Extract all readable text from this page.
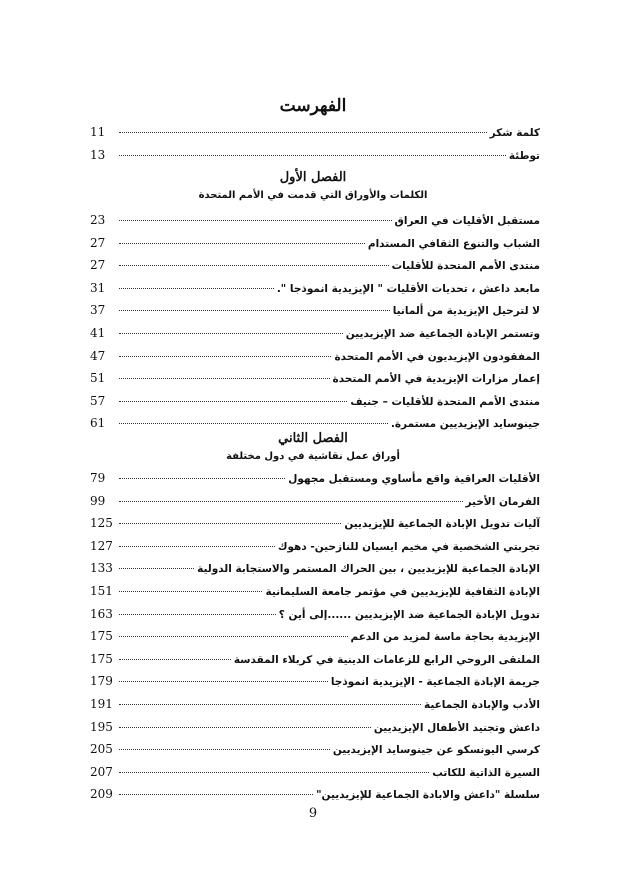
الفهرست
كلمة شكر
11
توطئة
13
الفصل الأول
الكلمات والأوراق التي قدمت في الأمم المتحدة
مستقبل الأقليات في العراق
23
الشباب والتنوع الثقافي المستدام
27
منتدى الأمم المتحدة للأقليات
27
مابعد داعش ، تحديات الأقليات " الإيزيدية انموذجا ".
31
لا لترحيل الإيزيدية من ألمانيا
37
وتستمر الإبادة الجماعية ضد الإيزيديين
41
المفقودون الإيزيديون في الأمم المتحدة
47
إعمار مزارات الإيزيدية في الأمم المتحدة
51
منتدى الأمم المتحدة للأقليات – جنيف
57
جينوسايد الإيزيديين مستمرة.
61
الفصل الثاني
أوراق عمل نقاشية في دول مختلفة
الأقليات العراقية واقع مأساوي ومستقبل مجهول
79
الفرمان الأخير
99
آليات تدويل الإبادة الجماعية للإيزيديين
125
تجربتي الشخصية في مخيم ايسيان للنازحين- دهوك
127
الإبادة الجماعية للإيزيديين ، بين الحراك المستمر والاستجابة الدولية
133
الإبادة الثقافية للإيزيديين في مؤتمر جامعة السليمانية
151
تدويل الإبادة الجماعية ضد الإيزيديين ......إلى أين ؟
163
الإيزيدية بحاجة ماسة لمزيد من الدعم
175
الملتقى الروحي الرابع للزعامات الدينية في كربلاء المقدسة
175
جريمة الإبادة الجماعية - الإيزيدية انموذجا
179
الأدب والإبادة الجماعية
191
داعش وتجنيد الأطفال الإيزيديين
195
كرسي اليونسكو عن جينوسايد الإيزيديين
205
السيرة الذاتية للكاتب
207
سلسلة "داعش والابادة الجماعية للإيزيديين"
209
9
